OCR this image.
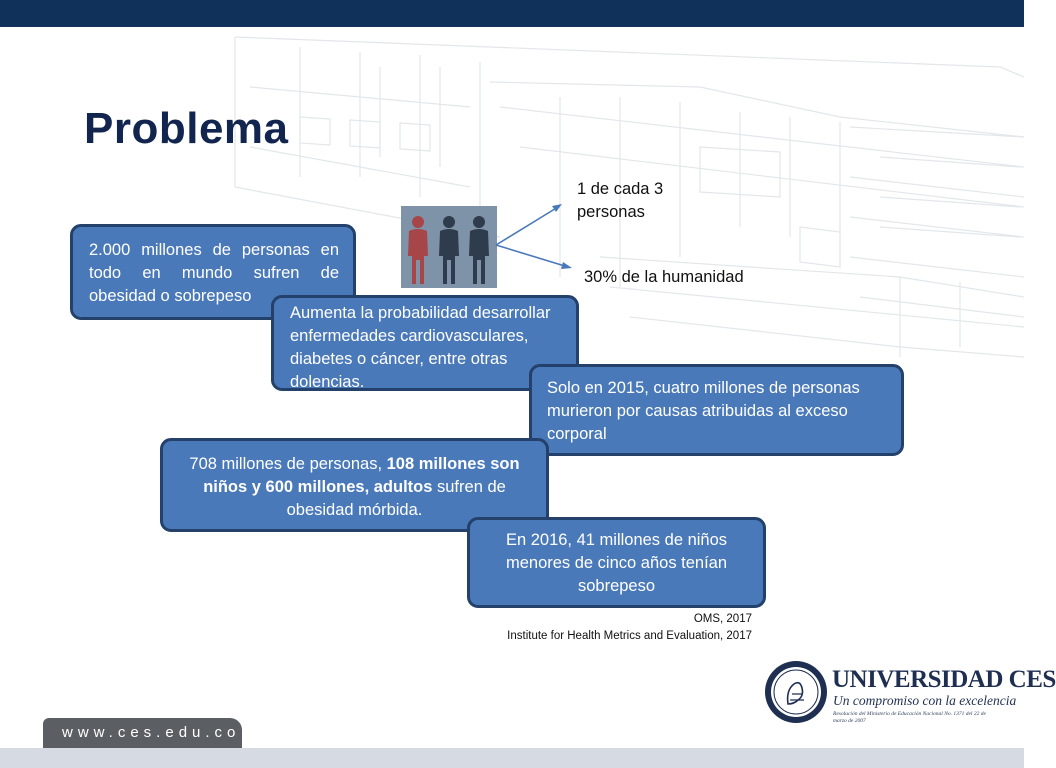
Problema
1 de cada 3 personas
30% de la humanidad
2.000 millones de personas en todo en mundo sufren de obesidad o sobrepeso
Aumenta la probabilidad desarrollar enfermedades cardiovasculares, diabetes o cáncer, entre otras dolencias.	Solo en 2015, cuatro millones de personas murieron por causas atribuidas al exceso corporal
708 millones de personas, 108 millones son niños y 600 millones, adultos sufren de obesidad mórbida.
En 2016, 41 millones de niños menores de cinco años tenían sobrepeso
OMS, 2017
Institute for Health Metrics and Evaluation, 2017
UNIVERSIDAD CES
Un compromiso con la excelencia
Resolución del Ministerio de Educación Nacional No. 1371 del 22 de marzo de 2007
www.ces.edu.co
